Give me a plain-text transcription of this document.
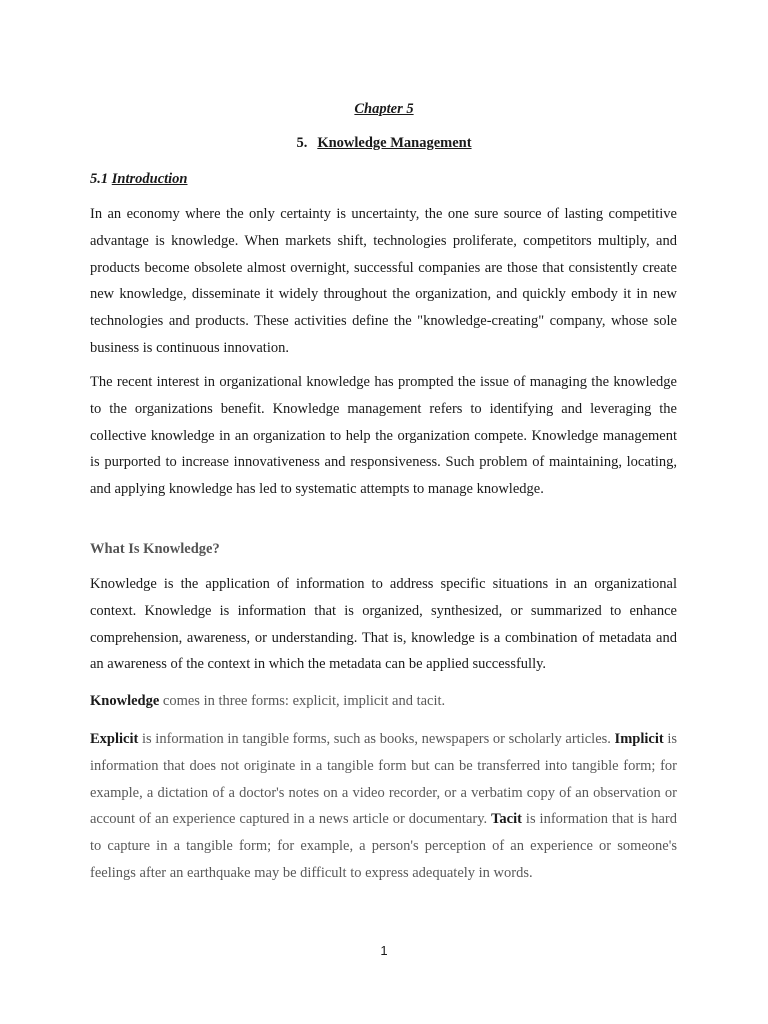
Chapter 5
5. Knowledge Management
5.1 Introduction

In an economy where the only certainty is uncertainty, the one sure source of lasting competitive advantage is knowledge. When markets shift, technologies proliferate, competitors multiply, and products become obsolete almost overnight, successful companies are those that consistently create new knowledge, disseminate it widely throughout the organization, and quickly embody it in new technologies and products. These activities define the "knowledge-creating" company, whose sole business is continuous innovation.

The recent interest in organizational knowledge has prompted the issue of managing the knowledge to the organizations benefit. Knowledge management refers to identifying and leveraging the collective knowledge in an organization to help the organization compete. Knowledge management is purported to increase innovativeness and responsiveness. Such problem of maintaining, locating, and applying knowledge has led to systematic attempts to manage knowledge.

What Is Knowledge?

Knowledge is the application of information to address specific situations in an organizational context. Knowledge is information that is organized, synthesized, or summarized to enhance comprehension, awareness, or understanding. That is, knowledge is a combination of metadata and an awareness of the context in which the metadata can be applied successfully.

Knowledge comes in three forms: explicit, implicit and tacit.

Explicit is information in tangible forms, such as books, newspapers or scholarly articles. Implicit is information that does not originate in a tangible form but can be transferred into tangible form; for example, a dictation of a doctor's notes on a video recorder, or a verbatim copy of an observation or account of an experience captured in a news article or documentary. Tacit is information that is hard to capture in a tangible form; for example, a person's perception of an experience or someone's feelings after an earthquake may be difficult to express adequately in words.

1
